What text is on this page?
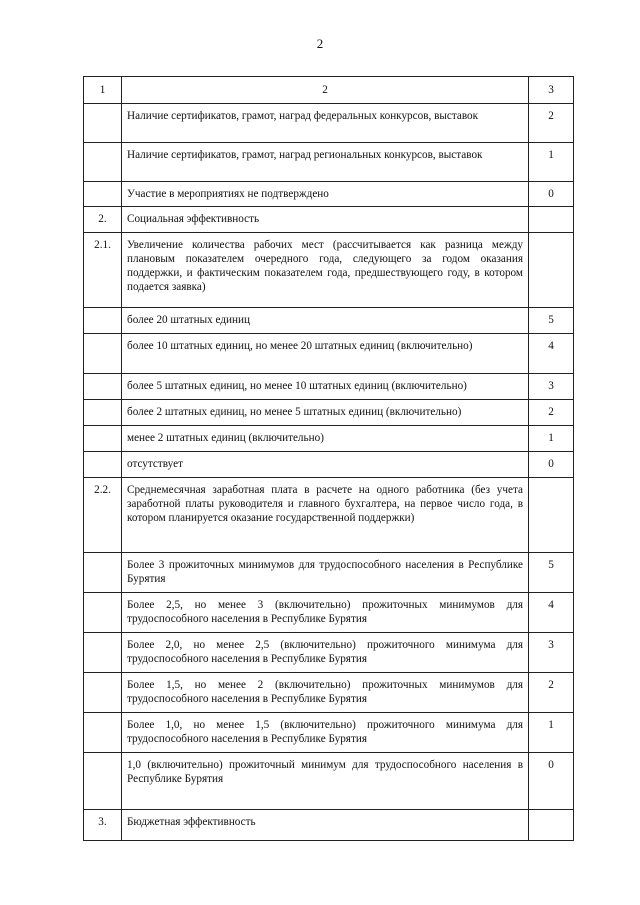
2
1	2	3
	Наличие сертификатов, грамот, наград федеральных конкурсов, выставок	2
	Наличие сертификатов, грамот, наград региональных конкурсов, выставок	1
	Участие в мероприятиях не подтверждено	0
2.	Социальная эффективность	
2.1.	Увеличение количества рабочих мест (рассчитывается как разница между плановым показателем очередного года, следующего за годом оказания поддержки, и фактическим показателем года, предшествующего году, в котором подается заявка)	
	более 20 штатных единиц	5
	более 10 штатных единиц, но менее 20 штатных единиц (включительно)	4
	более 5 штатных единиц, но менее 10 штатных единиц (включительно)	3
	более 2 штатных единиц, но менее 5 штатных единиц (включительно)	2
	менее 2 штатных единиц (включительно)	1
	отсутствует	0
2.2.	Среднемесячная заработная плата в расчете на одного работника (без учета заработной платы руководителя и главного бухгалтера, на первое число года, в котором планируется оказание государственной поддержки)	
	Более 3 прожиточных минимумов для трудоспособного населения в Республике Бурятия	5
	Более 2,5, но менее 3 (включительно) прожиточных минимумов для трудоспособного населения в Республике Бурятия	4
	Более 2,0, но менее 2,5 (включительно) прожиточного минимума для трудоспособного населения в Республике Бурятия	3
	Более 1,5, но менее 2 (включительно) прожиточных минимумов для трудоспособного населения в Республике Бурятия	2
	Более 1,0, но менее 1,5 (включительно) прожиточного минимума для трудоспособного населения в Республике Бурятия	1
	1,0 (включительно) прожиточный минимум для трудоспособного населения в Республике Бурятия	0
3.	Бюджетная эффективность	
